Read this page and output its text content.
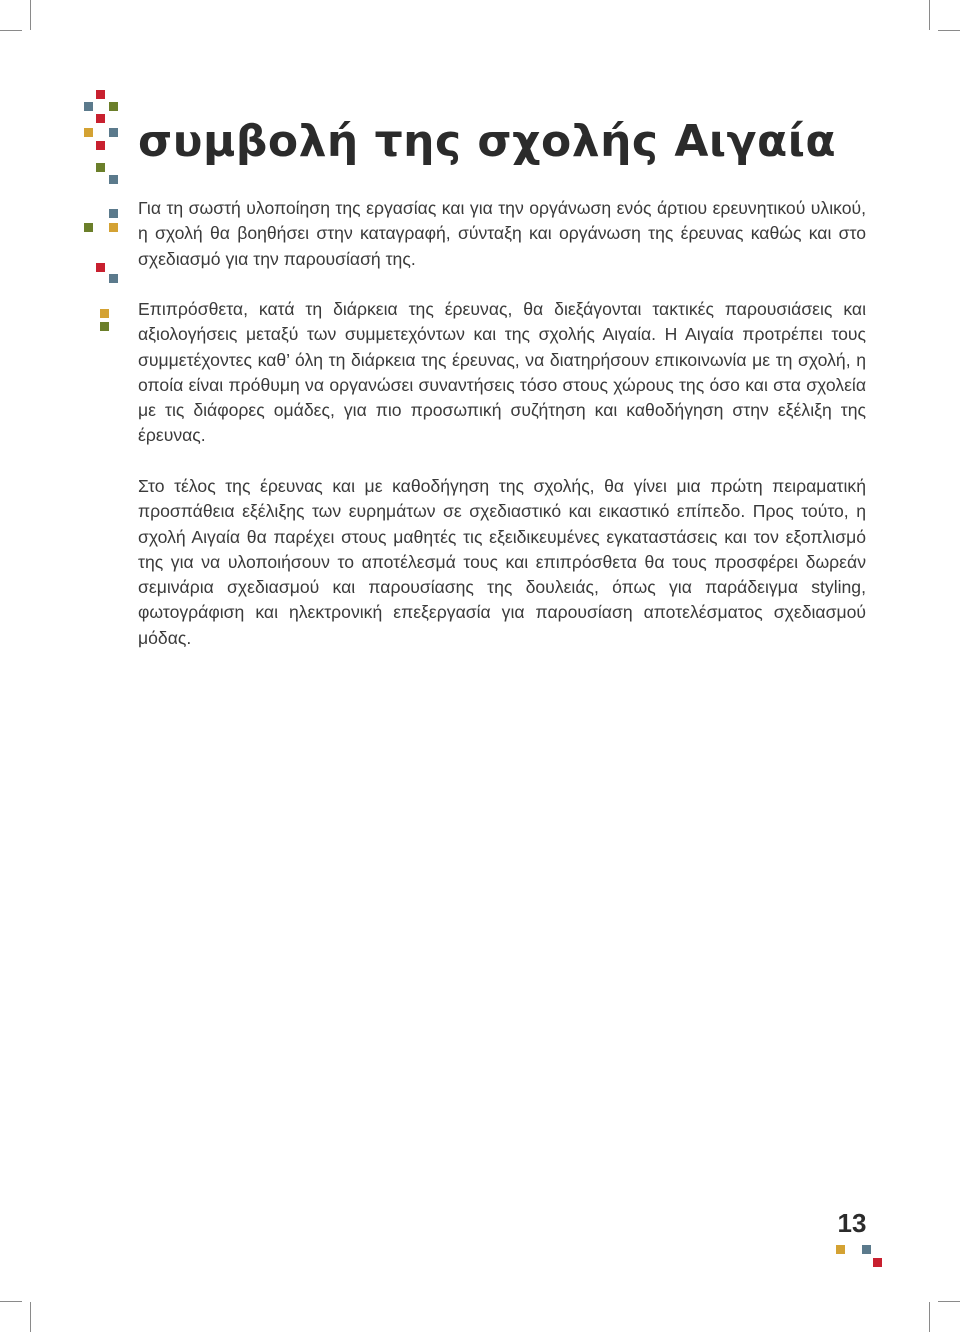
συμβολή της σχολής Αιγαία

Για τη σωστή υλοποίηση της εργασίας και για την οργάνωση ενός άρτιου ερευνητικού υλικού, η σχολή θα βοηθήσει στην καταγραφή, σύνταξη και οργάνωση της έρευνας καθώς και στο σχεδιασμό για την παρουσίασή της.

Επιπρόσθετα, κατά τη διάρκεια της έρευνας, θα διεξάγονται τακτικές παρουσιάσεις και αξιολογήσεις μεταξύ των συμμετεχόντων και της σχολής Αιγαία. Η Αιγαία προτρέπει τους συμμετέχοντες καθ’ όλη τη διάρκεια της έρευνας, να διατηρήσουν επικοινωνία με τη σχολή, η οποία είναι πρόθυμη να οργανώσει συναντήσεις τόσο στους χώρους της όσο και στα σχολεία με τις διάφορες ομάδες, για πιο προσωπική συζήτηση και καθοδήγηση στην εξέλιξη της έρευνας.

Στο τέλος της έρευνας και με καθοδήγηση της σχολής, θα γίνει μια πρώτη πειραματική προσπάθεια εξέλιξης των ευρημάτων σε σχεδιαστικό και εικαστικό επίπεδο. Προς τούτο, η σχολή Αιγαία θα παρέχει στους μαθητές τις εξειδικευμένες εγκαταστάσεις και τον εξοπλισμό της για να υλοποιήσουν το αποτέλεσμά τους και επιπρόσθετα θα τους προσφέρει δωρεάν σεμινάρια σχεδιασμού και παρουσίασης της δουλειάς, όπως για παράδειγμα styling, φωτογράφιση και ηλεκτρονική επεξεργασία για παρουσίαση αποτελέσματος σχεδιασμού μόδας.

13
